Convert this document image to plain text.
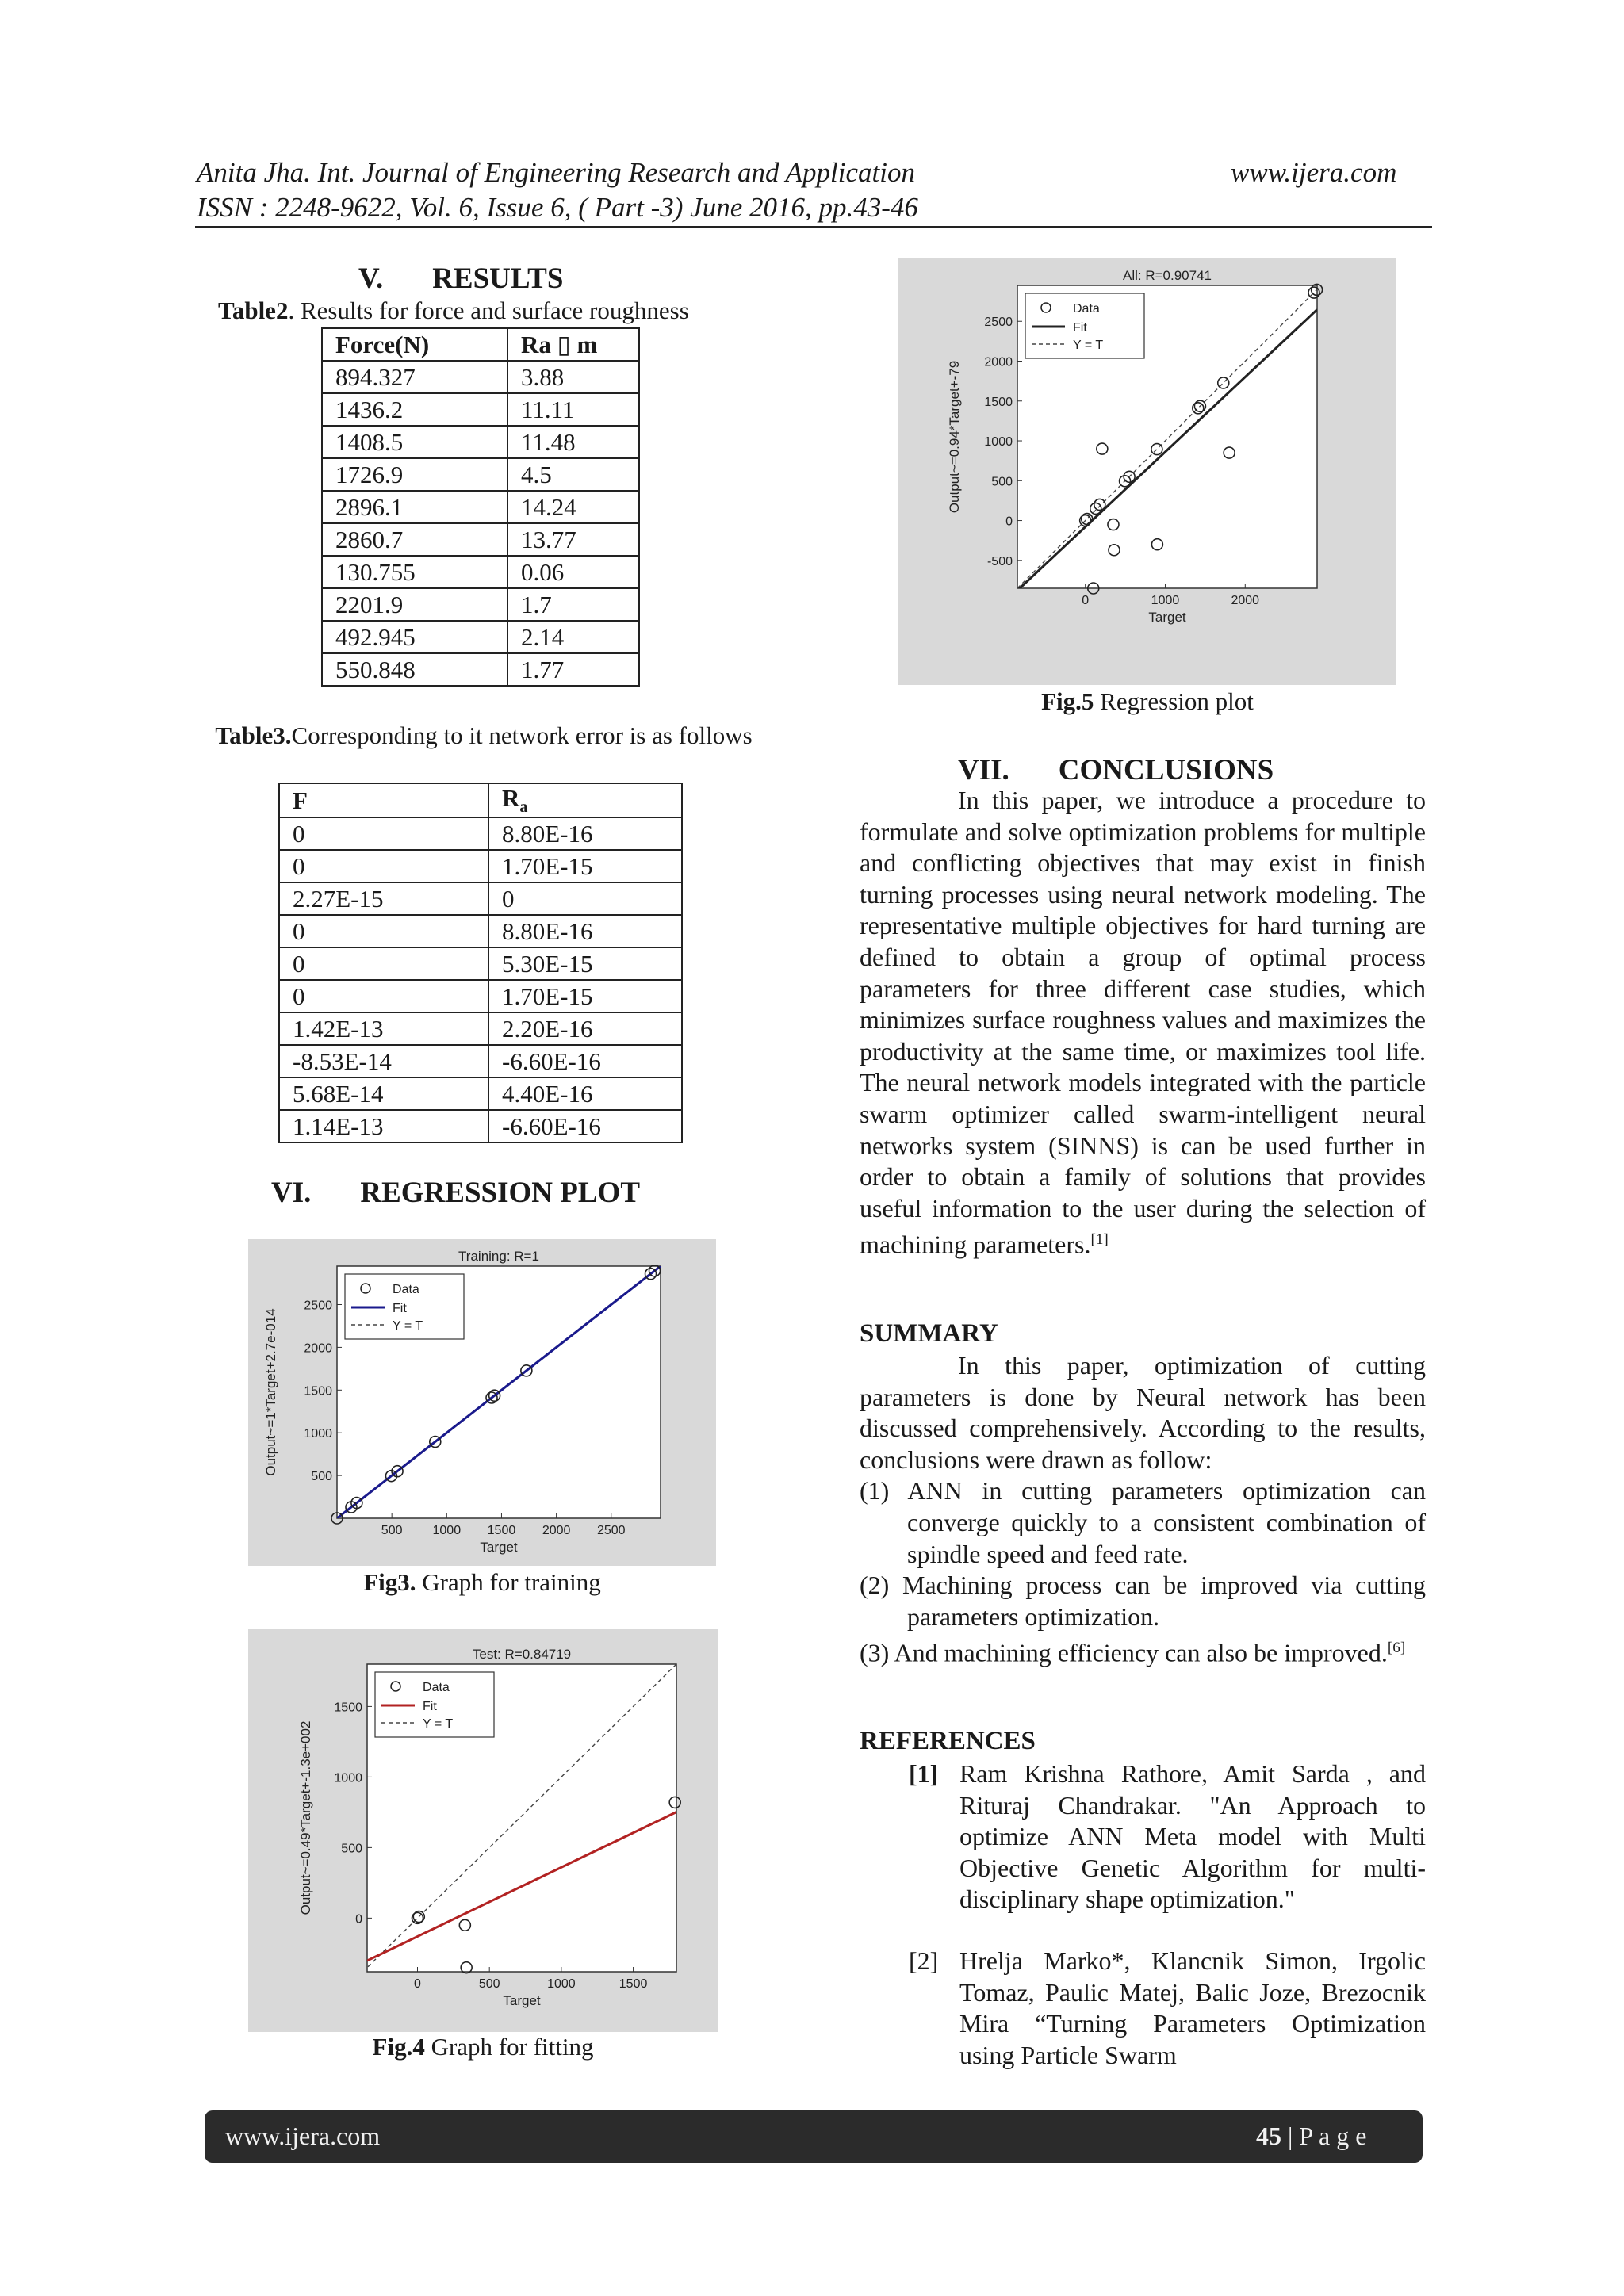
Anita Jha. Int. Journal of Engineering Research and Application	www.ijera.com
ISSN : 2248-9622, Vol. 6, Issue 6, ( Part -3) June 2016, pp.43-46
V. RESULTS
Table2. Results for force and surface roughness
Force(N)	Ra ▯ m
894.327	3.88
1436.2	11.11
1408.5	11.48
1726.9	4.5
2896.1	14.24
2860.7	13.77
130.755	0.06
2201.9	1.7
492.945	2.14
550.848	1.77
Table3.Corresponding to it network error is as follows
F	$R_a$
0	8.80E-16
0	1.70E-15
2.27E-15	0
0	8.80E-16
0	5.30E-15
0	1.70E-15
1.42E-13	2.20E-16
-8.53E-14	-6.60E-16
5.68E-14	4.40E-16
1.14E-13	-6.60E-16
VI. REGRESSION PLOT
Training: R=1
500 1000 1500 2000 2500
500
1000
1500
2000
2500
Target
Output~=1*Target+2.7e-014
Data
Fit
Y = T
Fig3. Graph for training
Test: R=0.84719
0	500	1000	1500
0
500
1000
1500
Target
Output~=0.49*Target+-1.3e+002
Data
Fit
Y = T
Fig.4 Graph for fitting
All: R=0.90741
0	1000	2000
-500
0
500
1000
1500
2000
2500
Target
Output~=0.94*Target+-79
Data
Fit
Y = T
Fig.5 Regression plot
VII. CONCLUSIONS

In this paper, we introduce a procedure to formulate and solve optimization problems for multiple and conflicting objectives that may exist in finish turning processes using neural network modeling. The representative multiple objectives for hard turning are defined to obtain a group of optimal process parameters for three different case studies, which minimizes surface roughness values and maximizes the productivity at the same time, or maximizes tool life. The neural network models integrated with the particle swarm optimizer called swarm-intelligent neural networks system (SINNS) is can be used further in order to obtain a family of solutions that provides useful information to the user during the selection of machining parameters.[1]

SUMMARY

In this paper, optimization of cutting parameters is done by Neural network has been discussed comprehensively. According to the results, conclusions were drawn as follow:

(1) ANN in cutting parameters optimization can converge quickly to a consistent combination of spindle speed and feed rate.

(2) Machining process can be improved via cutting parameters optimization.

(3) And machining efficiency can also be improved.[6]

REFERENCES
[1] Ram Krishna Rathore, Amit Sarda , and Rituraj Chandrakar. "An Approach to optimize ANN Meta model with Multi Objective Genetic Algorithm for multi-disciplinary shape optimization."
[2] Hrelja Marko*, Klancnik Simon, Irgolic Tomaz, Paulic Matej, Balic Joze, Brezocnik Mira “Turning Parameters Optimization using Particle Swarm
www.ijera.com	45 | P a g e
